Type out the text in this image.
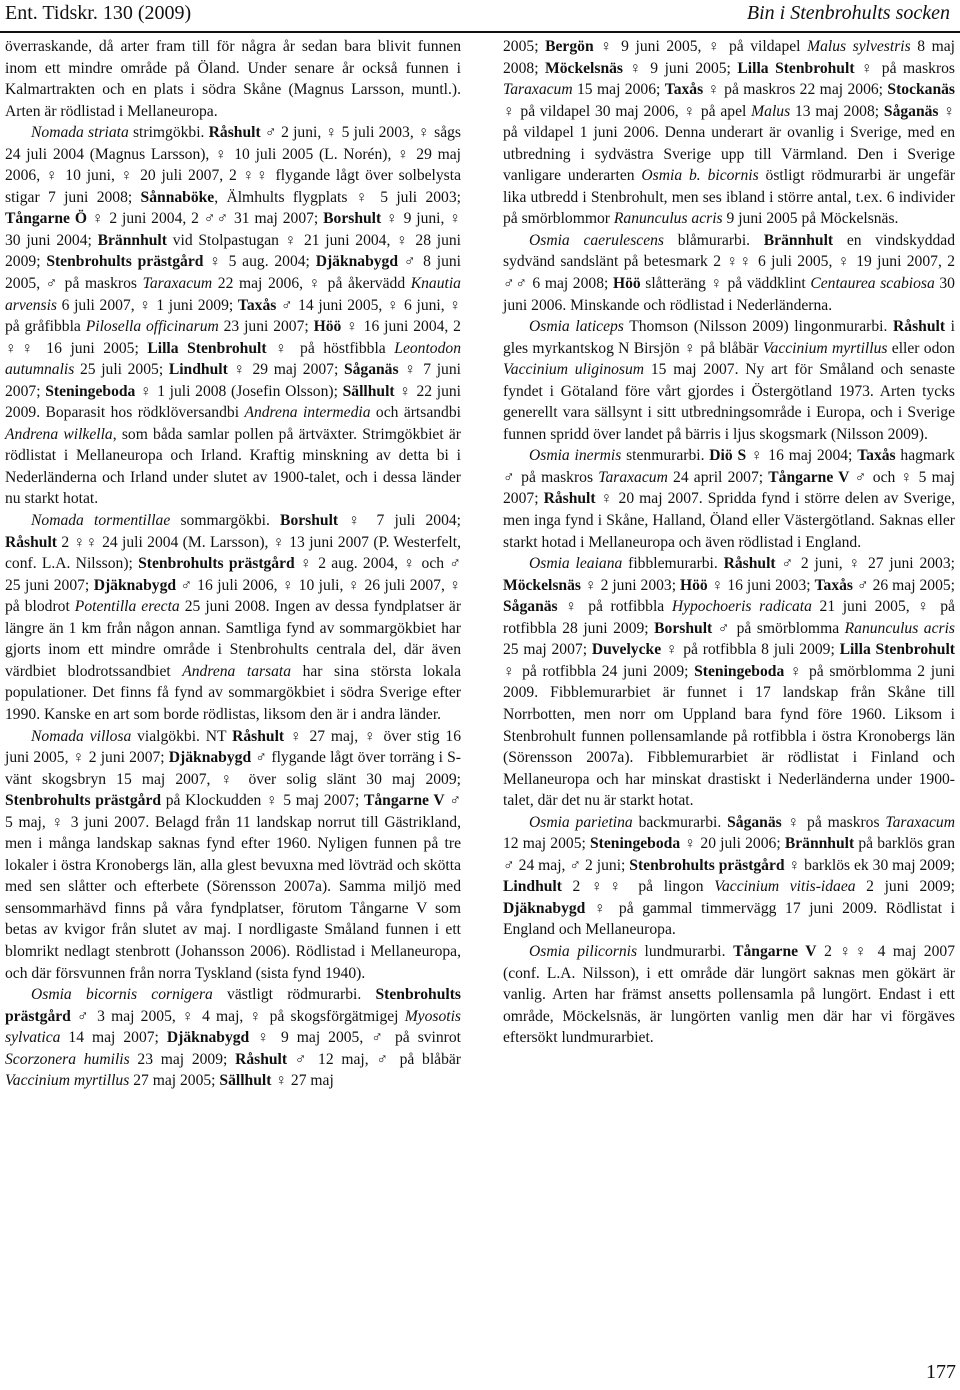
Ent. Tidskr. 130 (2009)	Bin i Stenbrohults socken

överraskande, då arter fram till för några år sedan bara blivit funnen inom ett mindre område på Öland. Under senare år också funnen i Kalmartrakten och en plats i södra Skåne (Magnus Larsson, muntl.). Arten är rödlistad i Mellaneuropa.

Nomada striata strimgökbi. Råshult ♂ 2 juni, ♀ 5 juli 2003, ♀ sågs 24 juli 2004 (Magnus Larsson), ♀ 10 juli 2005 (L. Norén), ♀ 29 maj 2006, ♀ 10 juni, ♀ 20 juli 2007, 2 ♀♀ flygande lågt över solbelysta stigar 7 juni 2008; Sånnaböke, Älmhults flygplats ♀ 5 juli 2003; Tångarne Ö ♀ 2 juni 2004, 2 ♂♂ 31 maj 2007; Borshult ♀ 9 juni, ♀ 30 juni 2004; Brännhult vid Stolpastugan ♀ 21 juni 2004, ♀ 28 juni 2009; Stenbrohults prästgård ♀ 5 aug. 2004; Djäknabygd ♂ 8 juni 2005, ♂ på maskros Taraxacum 22 maj 2006, ♀ på åkervädd Knautia arvensis 6 juli 2007, ♀ 1 juni 2009; Taxås ♂ 14 juni 2005, ♀ 6 juni, ♀ på gråfibbla Pilosella officinarum 23 juni 2007; Höö ♀ 16 juni 2004, 2 ♀♀ 16 juni 2005; Lilla Stenbrohult ♀ på höstfibbla Leontodon autumnalis 25 juli 2005; Lindhult ♀ 29 maj 2007; Såganäs ♀ 7 juni 2007; Steningeboda ♀ 1 juli 2008 (Josefin Olsson); Sällhult ♀ 22 juni 2009. Boparasit hos rödklöversandbi Andrena intermedia och ärtsandbi Andrena wilkella, som båda samlar pollen på ärtväxter. Strimgökbiet är rödlistat i Mellaneuropa och Irland. Kraftig minskning av detta bi i Nederländerna och Irland under slutet av 1900-talet, och i dessa länder nu starkt hotat.

Nomada tormentillae sommargökbi. Borshult ♀ 7 juli 2004; Råshult 2 ♀♀ 24 juli 2004 (M. Larsson), ♀ 13 juni 2007 (P. Westerfelt, conf. L.A. Nilsson); Stenbrohults prästgård ♀ 2 aug. 2004, ♀ och ♂ 25 juni 2007; Djäknabygd ♂ 16 juli 2006, ♀ 10 juli, ♀ 26 juli 2007, ♀ på blodrot Potentilla erecta 25 juni 2008. Ingen av dessa fyndplatser är längre än 1 km från någon annan. Samtliga fynd av sommargökbiet har gjorts inom ett mindre område i Stenbrohults centrala del, där även värdbiet blodrotssandbiet Andrena tarsata har sina största lokala populationer. Det finns få fynd av sommargökbiet i södra Sverige efter 1990. Kanske en art som borde rödlistas, liksom den är i andra länder.

Nomada villosa vialgökbi. NT Råshult ♀ 27 maj, ♀ över stig 16 juni 2005, ♀ 2 juni 2007; Djäknabygd ♂ flygande lågt över torräng i S-vänt skogsbryn 15 maj 2007, ♀ över solig slänt 30 maj 2009; Stenbrohults prästgård på Klockudden ♀ 5 maj 2007; Tångarne V ♂ 5 maj, ♀ 3 juni 2007. Belagd från 11 landskap norrut till Gästrikland, men i många landskap saknas fynd efter 1960. Nyligen funnen på tre lokaler i östra Kronobergs län, alla glest bevuxna med lövträd och skötta med sen slåtter och efterbete (Sörensson 2007a). Samma miljö med sensommarhävd finns på våra fyndplatser, förutom Tångarne V som betas av kvigor från slutet av maj. I nordligaste Småland funnen i ett blomrikt nedlagt stenbrott (Johansson 2006). Rödlistad i Mellaneuropa, och där försvunnen från norra Tyskland (sista fynd 1940).

Osmia bicornis cornigera västligt rödmurarbi. Stenbrohults prästgård ♂ 3 maj 2005, ♀ 4 maj, ♀ på skogsförgätmigej Myosotis sylvatica 14 maj 2007; Djäknabygd ♀ 9 maj 2005, ♂ på svinrot Scorzonera humilis 23 maj 2009; Råshult ♂ 12 maj, ♂ på blåbär Vaccinium myrtillus 27 maj 2005; Sällhult ♀ 27 maj

2005; Bergön ♀ 9 juni 2005, ♀ på vildapel Malus sylvestris 8 maj 2008; Möckelsnäs ♀ 9 juni 2005; Lilla Stenbrohult ♀ på maskros Taraxacum 15 maj 2006; Taxås ♀ på maskros 22 maj 2006; Stockanäs ♀ på vildapel 30 maj 2006, ♀ på apel Malus 13 maj 2008; Såganäs ♀ på vildapel 1 juni 2006. Denna underart är ovanlig i Sverige, med en utbredning i sydvästra Sverige upp till Värmland. Den i Sverige vanligare underarten Osmia b. bicornis östligt rödmurarbi är ungefär lika utbredd i Stenbrohult, men ses ibland i större antal, t.ex. 6 individer på smörblommor Ranunculus acris 9 juni 2005 på Möckelsnäs.

Osmia caerulescens blåmurarbi. Brännhult en vindskyddad sydvänd sandslänt på betesmark 2 ♀♀ 6 juli 2005, ♀ 19 juni 2007, 2 ♂♂ 6 maj 2008; Höö slåtteräng ♀ på väddklint Centaurea scabiosa 30 juni 2006. Minskande och rödlistad i Nederländerna.

Osmia laticeps Thomson (Nilsson 2009) lingonmurarbi. Råshult i gles myrkantskog N Birsjön ♀ på blåbär Vaccinium myrtillus eller odon Vaccinium uliginosum 15 maj 2007. Ny art för Småland och senaste fyndet i Götaland före vårt gjordes i Östergötland 1973. Arten tycks generellt vara sällsynt i sitt utbredningsområde i Europa, och i Sverige funnen spridd över landet på bärris i ljus skogsmark (Nilsson 2009).

Osmia inermis stenmurarbi. Diö S ♀ 16 maj 2004; Taxås hagmark ♂ på maskros Taraxacum 24 april 2007; Tångarne V ♂ och ♀ 5 maj 2007; Råshult ♀ 20 maj 2007. Spridda fynd i större delen av Sverige, men inga fynd i Skåne, Halland, Öland eller Västergötland. Saknas eller starkt hotad i Mellaneuropa och även rödlistad i England.

Osmia leaiana fibblemurarbi. Råshult ♂ 2 juni, ♀ 27 juni 2003; Möckelsnäs ♀ 2 juni 2003; Höö ♀ 16 juni 2003; Taxås ♂ 26 maj 2005; Såganäs ♀ på rotfibbla Hypochoeris radicata 21 juni 2005, ♀ på rotfibbla 28 juni 2009; Borshult ♂ på smörblomma Ranunculus acris 25 maj 2007; Duvelycke ♀ på rotfibbla 8 juli 2009; Lilla Stenbrohult ♀ på rotfibbla 24 juni 2009; Steningeboda ♀ på smörblomma 2 juni 2009. Fibblemurarbiet är funnet i 17 landskap från Skåne till Norrbotten, men norr om Uppland bara fynd före 1960. Liksom i Stenbrohult funnen pollensamlande på rotfibbla i östra Kronobergs län (Sörensson 2007a). Fibblemurarbiet är rödlistat i Finland och Mellaneuropa och har minskat drastiskt i Nederländerna under 1900-talet, där det nu är starkt hotat.

Osmia parietina backmurarbi. Såganäs ♀ på maskros Taraxacum 12 maj 2005; Steningeboda ♀ 20 juli 2006; Brännhult på barklös gran ♂ 24 maj, ♂ 2 juni; Stenbrohults prästgård ♀ barklös ek 30 maj 2009; Lindhult 2 ♀♀ på lingon Vaccinium vitis-idaea 2 juni 2009; Djäknabygd ♀ på gammal timmervägg 17 juni 2009. Rödlistat i England och Mellaneuropa.

Osmia pilicornis lundmurarbi. Tångarne V 2 ♀♀ 4 maj 2007 (conf. L.A. Nilsson), i ett område där lungört saknas men gökärt är vanlig. Arten har främst ansetts pollensamla på lungört. Endast i ett område, Möckelsnäs, är lungörten vanlig men där har vi förgäves eftersökt lundmurarbiet.

177
